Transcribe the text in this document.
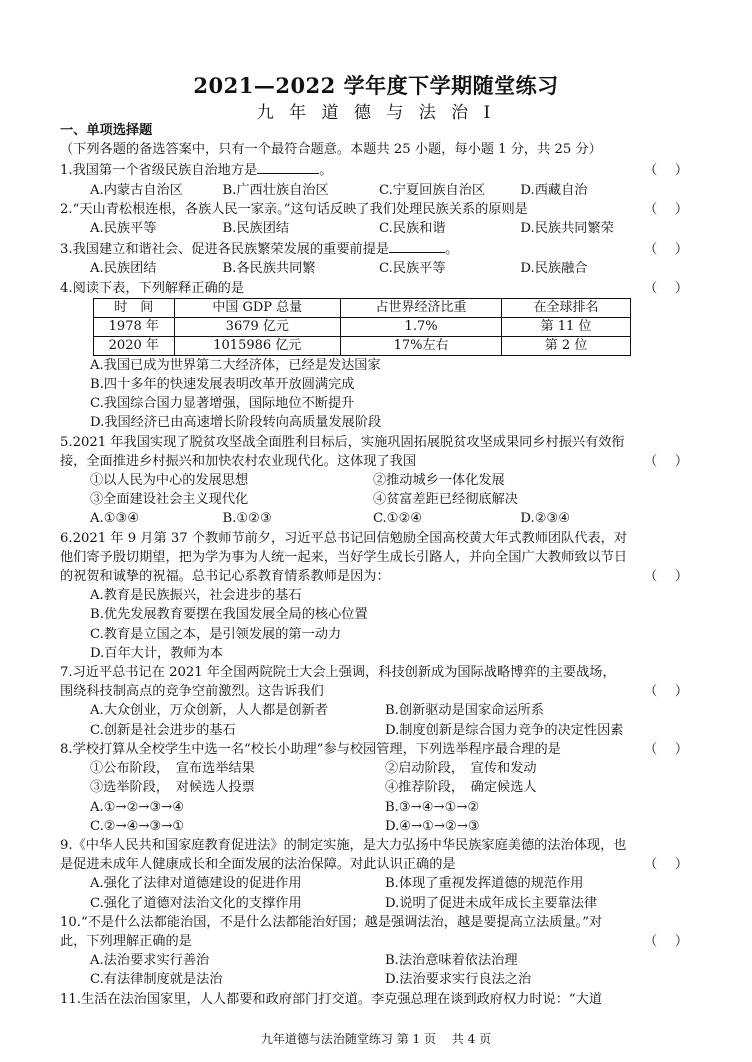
2021—2022 学年度下学期随堂练习
九 年 道 德 与 法 治 I

一、单项选择题（下列各题的备选答案中，只有一个最符合题意。本题共 25 小题，每小题 1 分，共 25 分）

1.我国第一个省级民族自治地方是	。	（ ）

A.内蒙古自治区	B.广西壮族自治区	C.宁夏回族自治区	D.西藏自治

2.“天山青松根连根，各族人民一家亲。”这句话反映了我们处理民族关系的原则是	（ ）

A.民族平等	B.民族团结	C.民族和谐	D.民族共同繁荣

3.我国建立和谐社会、促进各民族繁荣发展的重要前提是	。	（ ）

A.民族团结	B.各民族共同繁	C.民族平等	D.民族融合

4.阅读下表，下列解释正确的是	（ ）

时　间	中国 GDP 总量	占世界经济比重	在全球排名
1978 年	3679 亿元	1.7%	第 11 位
2020 年	1015986 亿元	17%左右	第 2 位

A.我国已成为世界第二大经济体，已经是发达国家

B.四十多年的快速发展表明改革开放圆满完成

C.我国综合国力显著增强，国际地位不断提升

D.我国经济已由高速增长阶段转向高质量发展阶段

5.2021 年我国实现了脱贫攻坚战全面胜利目标后，实施巩固拓展脱贫攻坚成果同乡村振兴有效衔接，全面推进乡村振兴和加快农村农业现代化。这体现了我国	（ ）

①以人民为中心的发展思想	②推动城乡一体化发展

③全面建设社会主义现代化	④贫富差距已经彻底解决

A.①③④	B.①②③	C.①②④	D.②③④

6.2021 年 9 月第 37 个教师节前夕，习近平总书记回信勉励全国高校黄大年式教师团队代表，对他们寄予殷切期望，把为学为事为人统一起来，当好学生成长引路人，并向全国广大教师致以节日的祝贺和诚挚的祝福。总书记心系教育情系教师是因为：	（ ）

A.教育是民族振兴，社会进步的基石

B.优先发展教育要摆在我国发展全局的核心位置

C.教育是立国之本，是引领发展的第一动力

D.百年大计，教师为本

7.习近平总书记在 2021 年全国两院院士大会上强调，科技创新成为国际战略博弈的主要战场，围绕科技制高点的竞争空前激烈。这告诉我们	（ ）

A.大众创业，万众创新，人人都是创新者	B.创新驱动是国家命运所系

C.创新是社会进步的基石	D.制度创新是综合国力竞争的决定性因素

8.学校打算从全校学生中选一名“校长小助理”参与校园管理，下列选举程序最合理的是	（ ）

①公布阶段，　宣布选举结果	②启动阶段，　宣传和发动

③选举阶段，　对候选人投票	④推荐阶段，　确定候选人

A.①→②→③→④	B.③→④→①→②

C.②→④→③→①	D.④→①→②→③

9.《中华人民共和国家庭教育促进法》的制定实施，是大力弘扬中华民族家庭美德的法治体现，也是促进未成年人健康成长和全面发展的法治保障。对此认识正确的是	（ ）

A.强化了法律对道德建设的促进作用	B.体现了重视发挥道德的规范作用

C.强化了道德对法治文化的支撑作用	D.说明了促进未成年成长主要靠法律

10.“不是什么法都能治国，不是什么法都能治好国；越是强调法治，越是要提高立法质量。”对此，下列理解正确的是	（ ）

A.法治要求实行善治	B.法治意味着依法治理

C.有法律制度就是法治	D.法治要求实行良法之治

11.生活在法治国家里，人人都要和政府部门打交道。李克强总理在谈到政府权力时说：“大道

九年道德与法治随堂练习 第 1 页　 共 4 页
